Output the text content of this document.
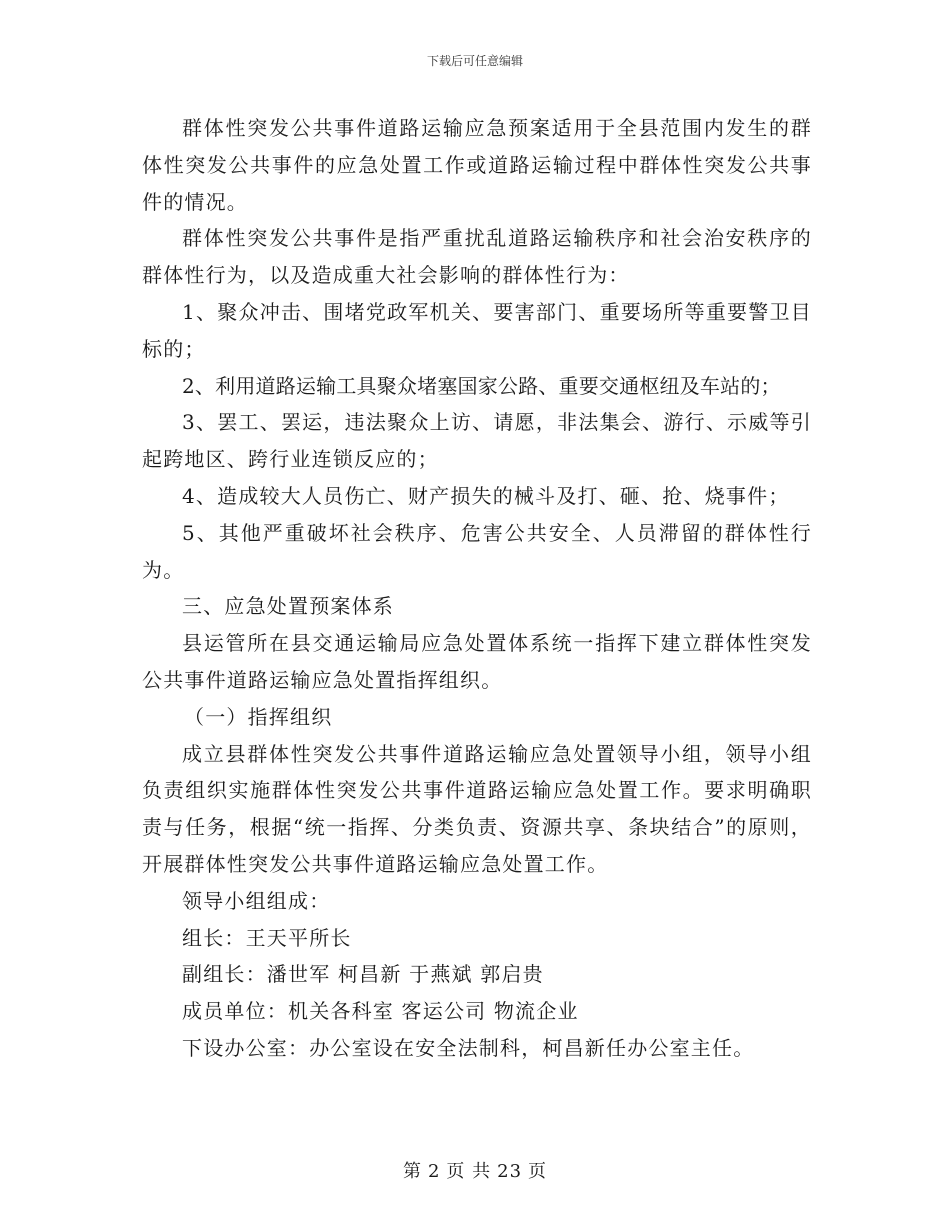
下载后可任意编辑

群体性突发公共事件道路运输应急预案适用于全县范围内发生的群体性突发公共事件的应急处置工作或道路运输过程中群体性突发公共事件的情况。

群体性突发公共事件是指严重扰乱道路运输秩序和社会治安秩序的群体性行为，以及造成重大社会影响的群体性行为：

1、聚众冲击、围堵党政军机关、要害部门、重要场所等重要警卫目标的；

2、利用道路运输工具聚众堵塞国家公路、重要交通枢纽及车站的；

3、罢工、罢运，违法聚众上访、请愿，非法集会、游行、示威等引起跨地区、跨行业连锁反应的；

4、造成较大人员伤亡、财产损失的械斗及打、砸、抢、烧事件；

5、其他严重破坏社会秩序、危害公共安全、人员滞留的群体性行为。

三、应急处置预案体系

县运管所在县交通运输局应急处置体系统一指挥下建立群体性突发公共事件道路运输应急处置指挥组织。

（一）指挥组织

成立县群体性突发公共事件道路运输应急处置领导小组，领导小组负责组织实施群体性突发公共事件道路运输应急处置工作。要求明确职责与任务，根据“统一指挥、分类负责、资源共享、条块结合”的原则，开展群体性突发公共事件道路运输应急处置工作。

领导小组组成：

组长：王天平所长

副组长：潘世军 柯昌新 于燕斌 郭启贵

成员单位：机关各科室 客运公司 物流企业

下设办公室：办公室设在安全法制科，柯昌新任办公室主任。

第 2 页 共 23 页
